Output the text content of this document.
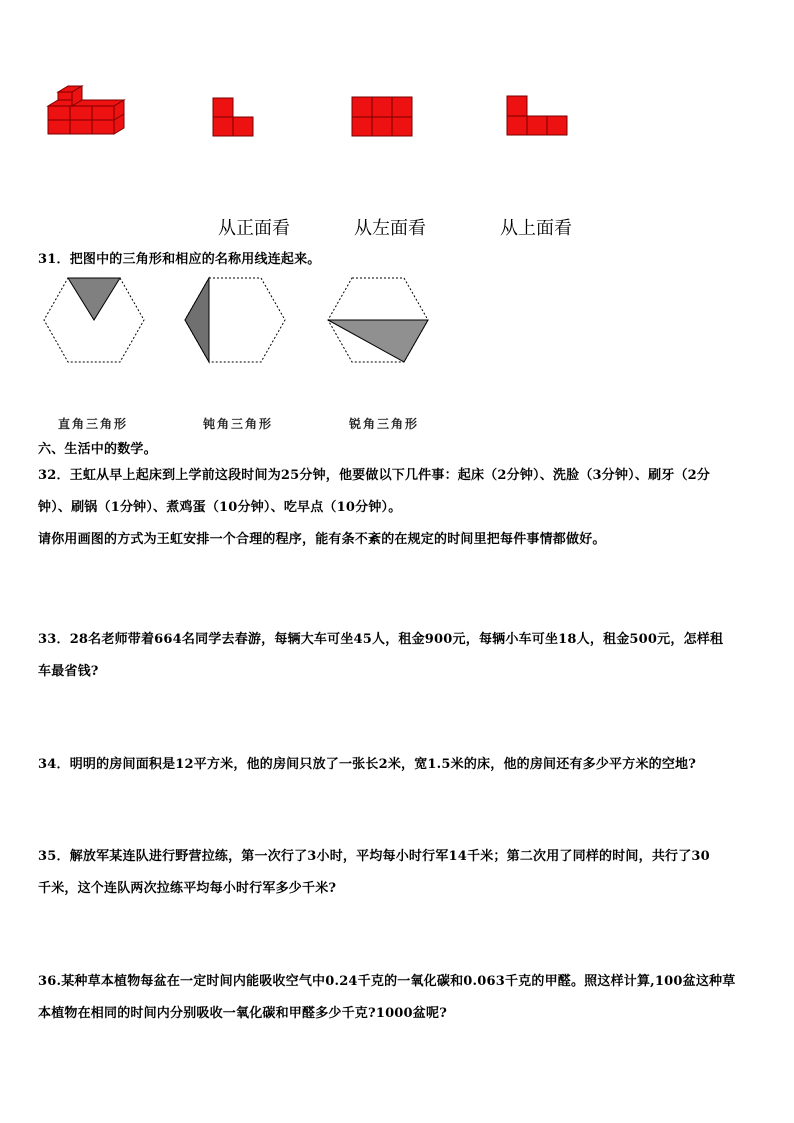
从正面看	从左面看	从上面看
31．把图中的三角形和相应的名称用线连起来。
直角三角形	钝角三角形	锐角三角形
六、生活中的数学。
32．王虹从早上起床到上学前这段时间为25分钟，他要做以下几件事：起床（2分钟）、洗脸（3分钟）、刷牙（2分
钟）、刷锅（1分钟）、煮鸡蛋（10分钟）、吃早点（10分钟）。
请你用画图的方式为王虹安排一个合理的程序，能有条不紊的在规定的时间里把每件事情都做好。
33．28名老师带着664名同学去春游，每辆大车可坐45人，租金900元，每辆小车可坐18人，租金500元，怎样租
车最省钱?
34．明明的房间面积是12平方米，他的房间只放了一张长2米，宽1.5米的床，他的房间还有多少平方米的空地?
35．解放军某连队进行野营拉练，第一次行了3小时，平均每小时行军14千米；第二次用了同样的时间，共行了30
千米，这个连队两次拉练平均每小时行军多少千米?
36.某种草本植物每盆在一定时间内能吸收空气中0.24千克的一氧化碳和0.063千克的甲醛。照这样计算,100盆这种草
本植物在相同的时间内分别吸收一氧化碳和甲醛多少千克?1000盆呢?
